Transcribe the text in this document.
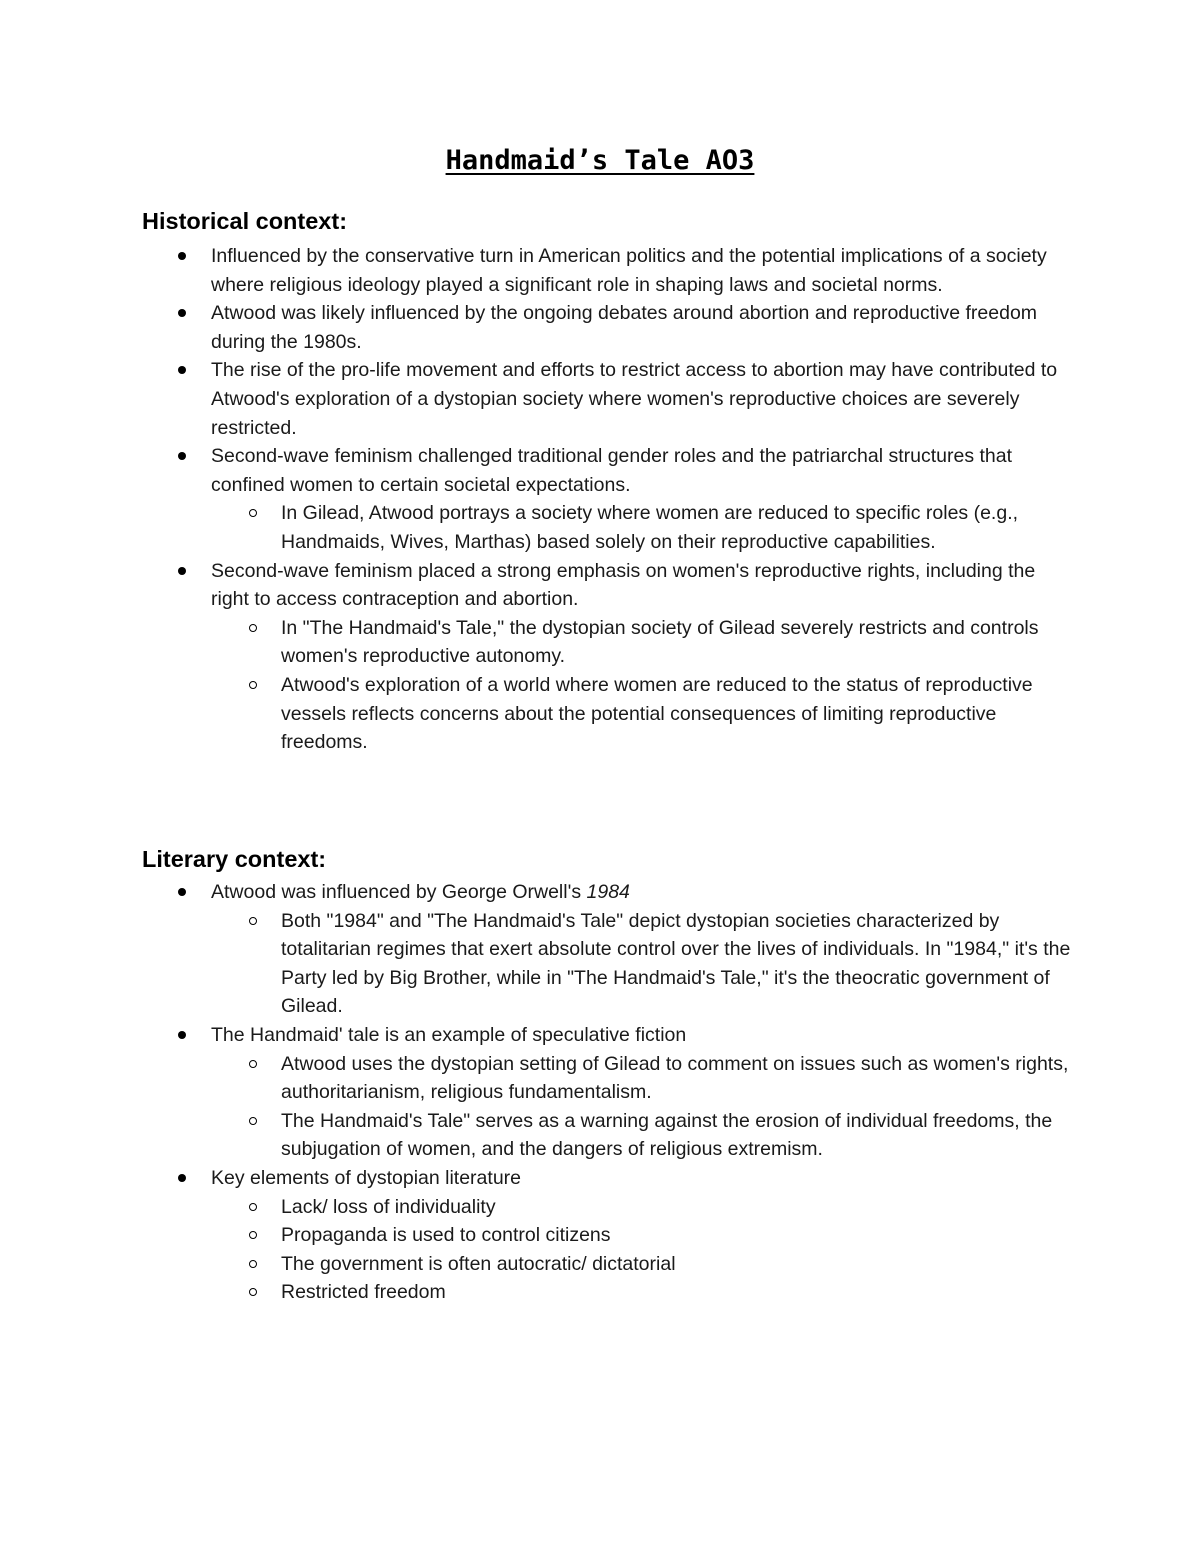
Handmaid’s Tale AO3
Historical context:
Influenced by the conservative turn in American politics and the potential implications of a society where religious ideology played a significant role in shaping laws and societal norms.
Atwood was likely influenced by the ongoing debates around abortion and reproductive freedom during the 1980s.
The rise of the pro-life movement and efforts to restrict access to abortion may have contributed to Atwood's exploration of a dystopian society where women's reproductive choices are severely restricted.
Second-wave feminism challenged traditional gender roles and the patriarchal structures that confined women to certain societal expectations.
In Gilead, Atwood portrays a society where women are reduced to specific roles (e.g., Handmaids, Wives, Marthas) based solely on their reproductive capabilities.
Second-wave feminism placed a strong emphasis on women's reproductive rights, including the right to access contraception and abortion.
In "The Handmaid's Tale," the dystopian society of Gilead severely restricts and controls women's reproductive autonomy.
Atwood's exploration of a world where women are reduced to the status of reproductive vessels reflects concerns about the potential consequences of limiting reproductive freedoms.
Literary context:
Atwood was influenced by George Orwell's 1984
Both "1984" and "The Handmaid's Tale" depict dystopian societies characterized by totalitarian regimes that exert absolute control over the lives of individuals. In "1984," it's the Party led by Big Brother, while in "The Handmaid's Tale," it's the theocratic government of Gilead.
The Handmaid' tale is an example of speculative fiction
Atwood uses the dystopian setting of Gilead to comment on issues such as women's rights, authoritarianism, religious fundamentalism.
The Handmaid's Tale" serves as a warning against the erosion of individual freedoms, the subjugation of women, and the dangers of religious extremism.
Key elements of dystopian literature
Lack/ loss of individuality
Propaganda is used to control citizens
The government is often autocratic/ dictatorial
Restricted freedom
